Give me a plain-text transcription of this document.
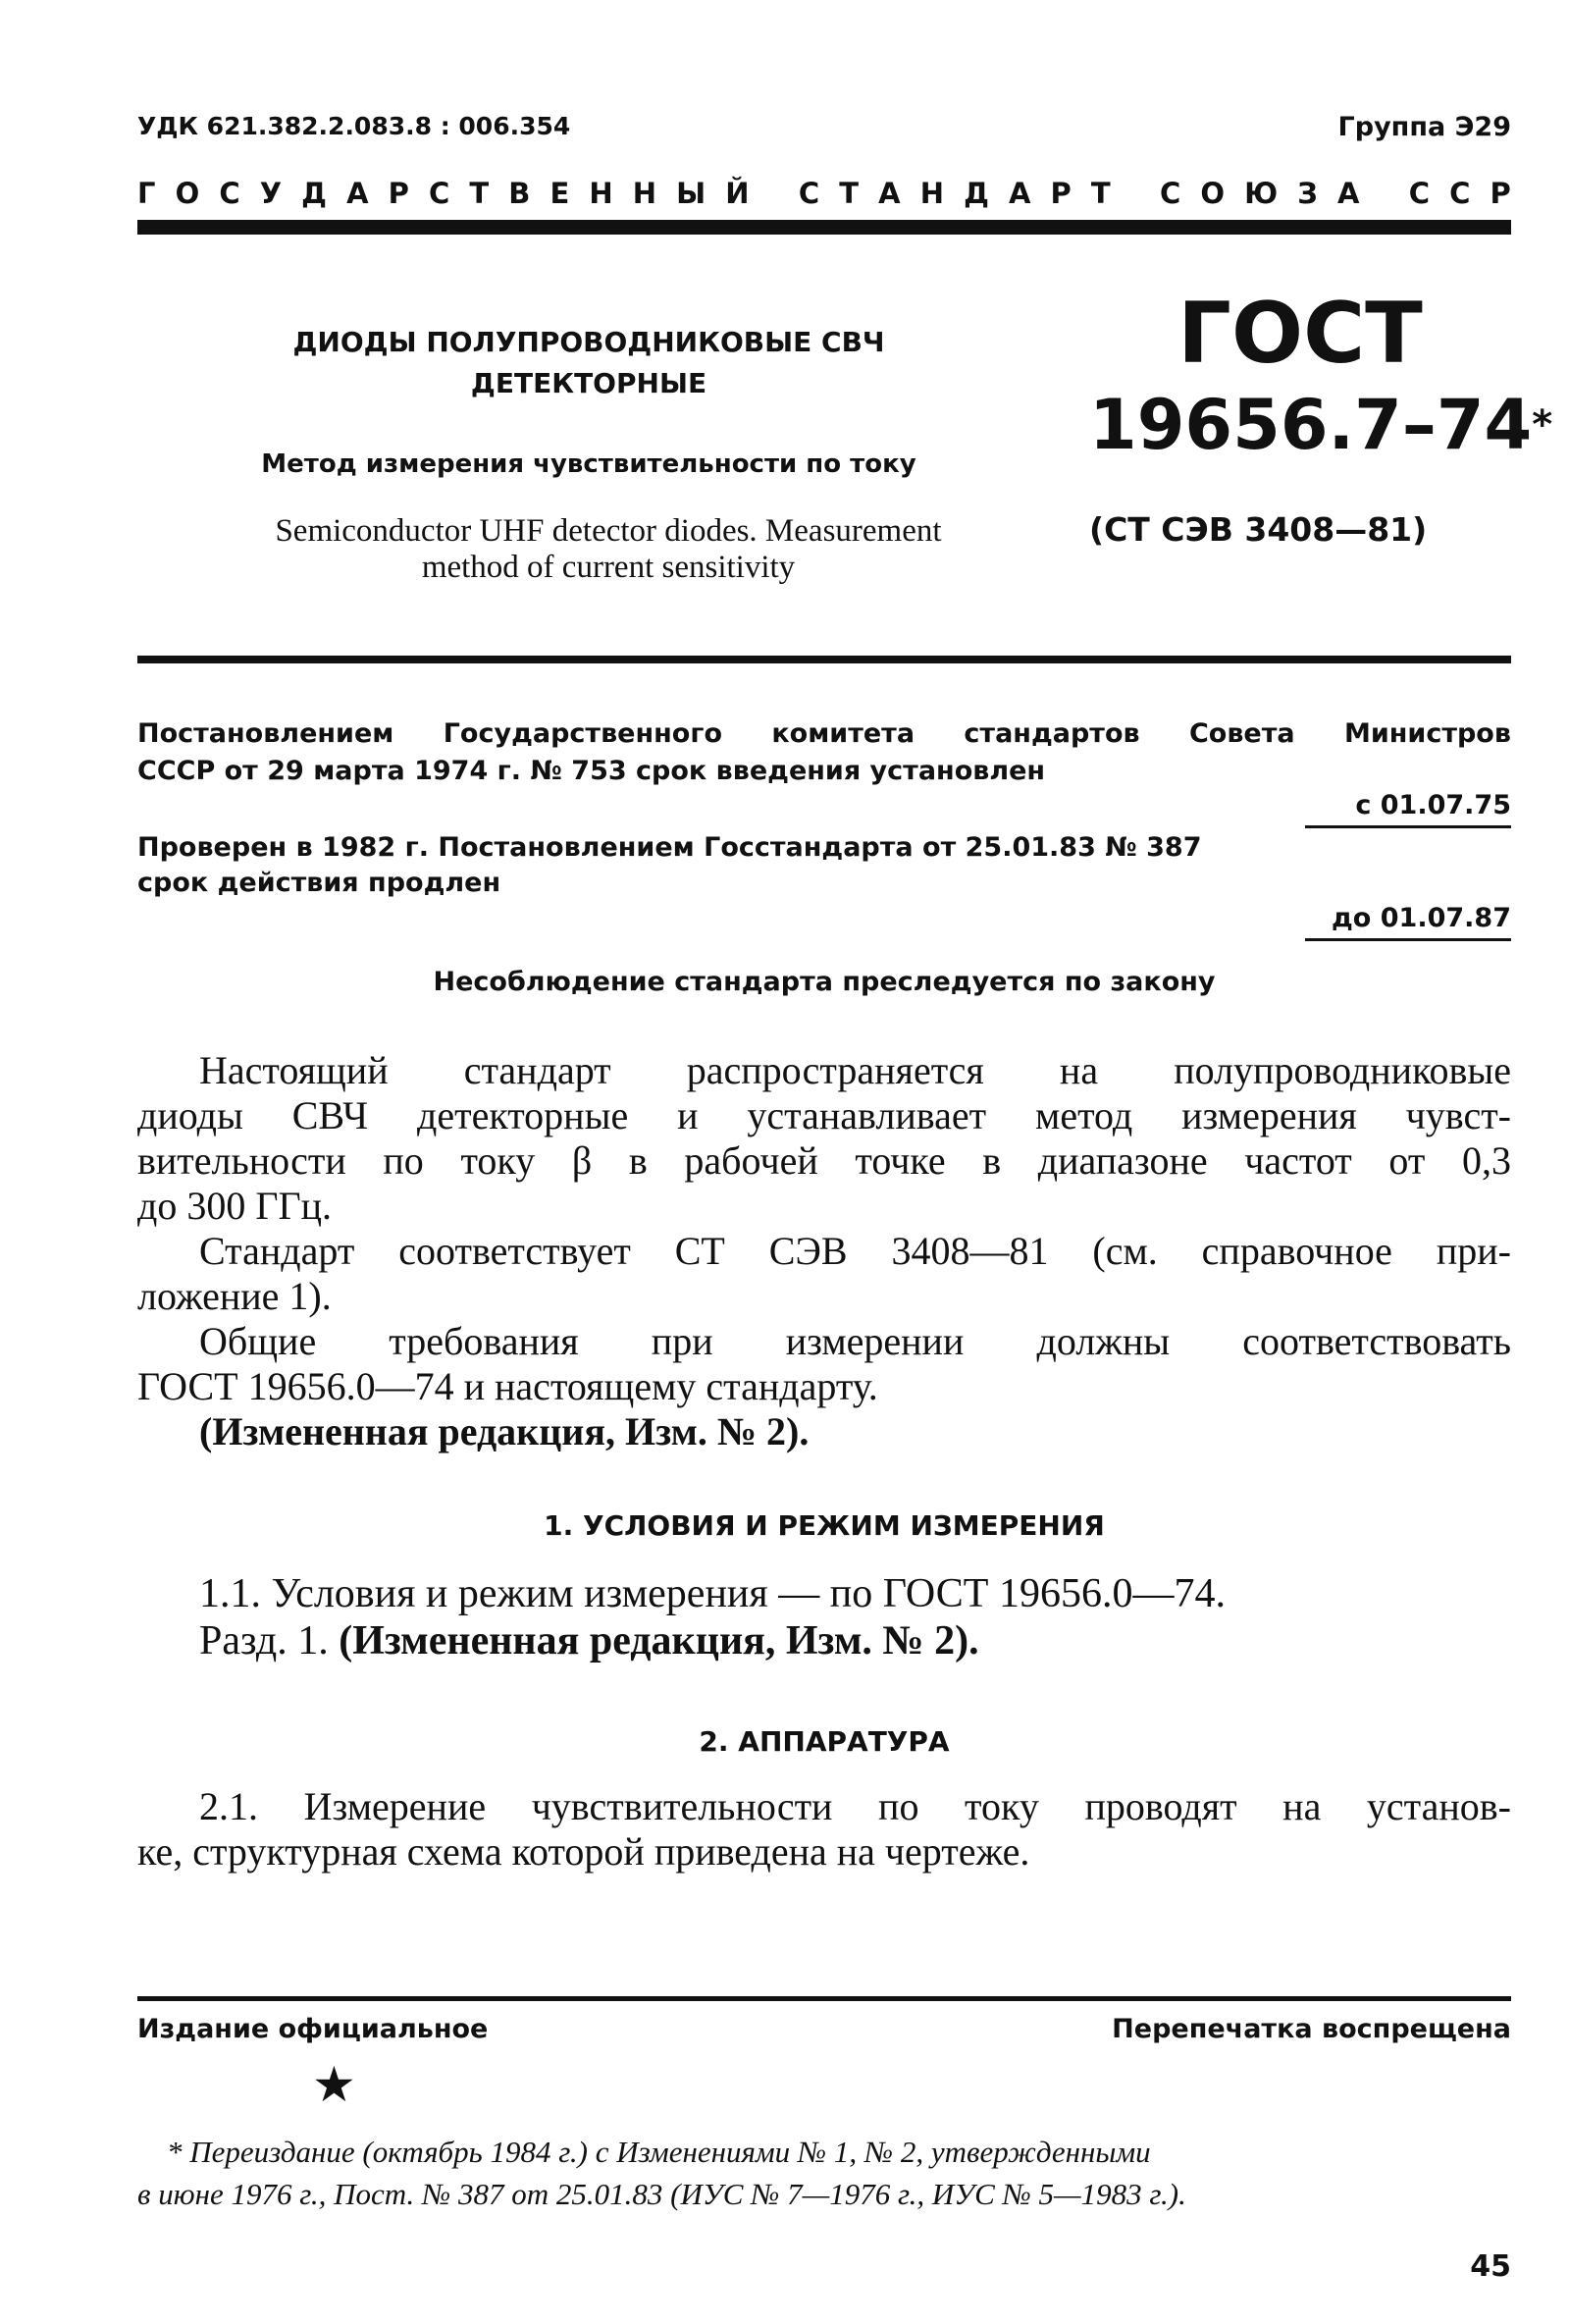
УДК 621.382.2.083.8 : 006.354	Группа Э29
Г О С У Д А Р С Т В Е Н Н Ы Й
С Т А Н Д А Р Т
С О Ю З А
С С Р
ДИОДЫ ПОЛУПРОВОДНИКОВЫЕ СВЧ
ДЕТЕКТОРНЫЕ
Метод измерения чувствительности по току
Semiconductor UHF detector diodes. Measurement
method of current sensitivity
ГОСТ
19656.7–74*
(СТ СЭВ 3408—81)
Постановлением Государственного комитета стандартов Совета Министров
СССР от 29 марта 1974 г. № 753 срок введения установлен
с 01.07.75
Проверен в 1982 г. Постановлением Госстандарта от 25.01.83 № 387
срок действия продлен
до 01.07.87
Несоблюдение стандарта преследуется по закону
Настоящий стандарт распространяется на полупроводниковые
диоды СВЧ детекторные и устанавливает метод измерения чувст-
вительности по току β в рабочей точке в диапазоне частот от 0,3
до 300 ГГц.
Стандарт соответствует СТ СЭВ 3408—81 (см. справочное при-
ложение 1).
Общие требования при измерении должны соответствовать
ГОСТ 19656.0—74 и настоящему стандарту.
(Измененная редакция, Изм. № 2).
1. УСЛОВИЯ И РЕЖИМ ИЗМЕРЕНИЯ
1.1. Условия и режим измерения — по ГОСТ 19656.0—74.
Разд. 1. (Измененная редакция, Изм. № 2).
2. АППАРАТУРА
2.1. Измерение чувствительности по току проводят на установ-
ке, структурная схема которой приведена на чертеже.
Издание официальное	Перепечатка воспрещена
★
* Переиздание (октябрь 1984 г.) с Изменениями № 1, № 2, утвержденными
в июне 1976 г., Пост. № 387 от 25.01.83 (ИУС № 7—1976 г., ИУС № 5—1983 г.).
45
